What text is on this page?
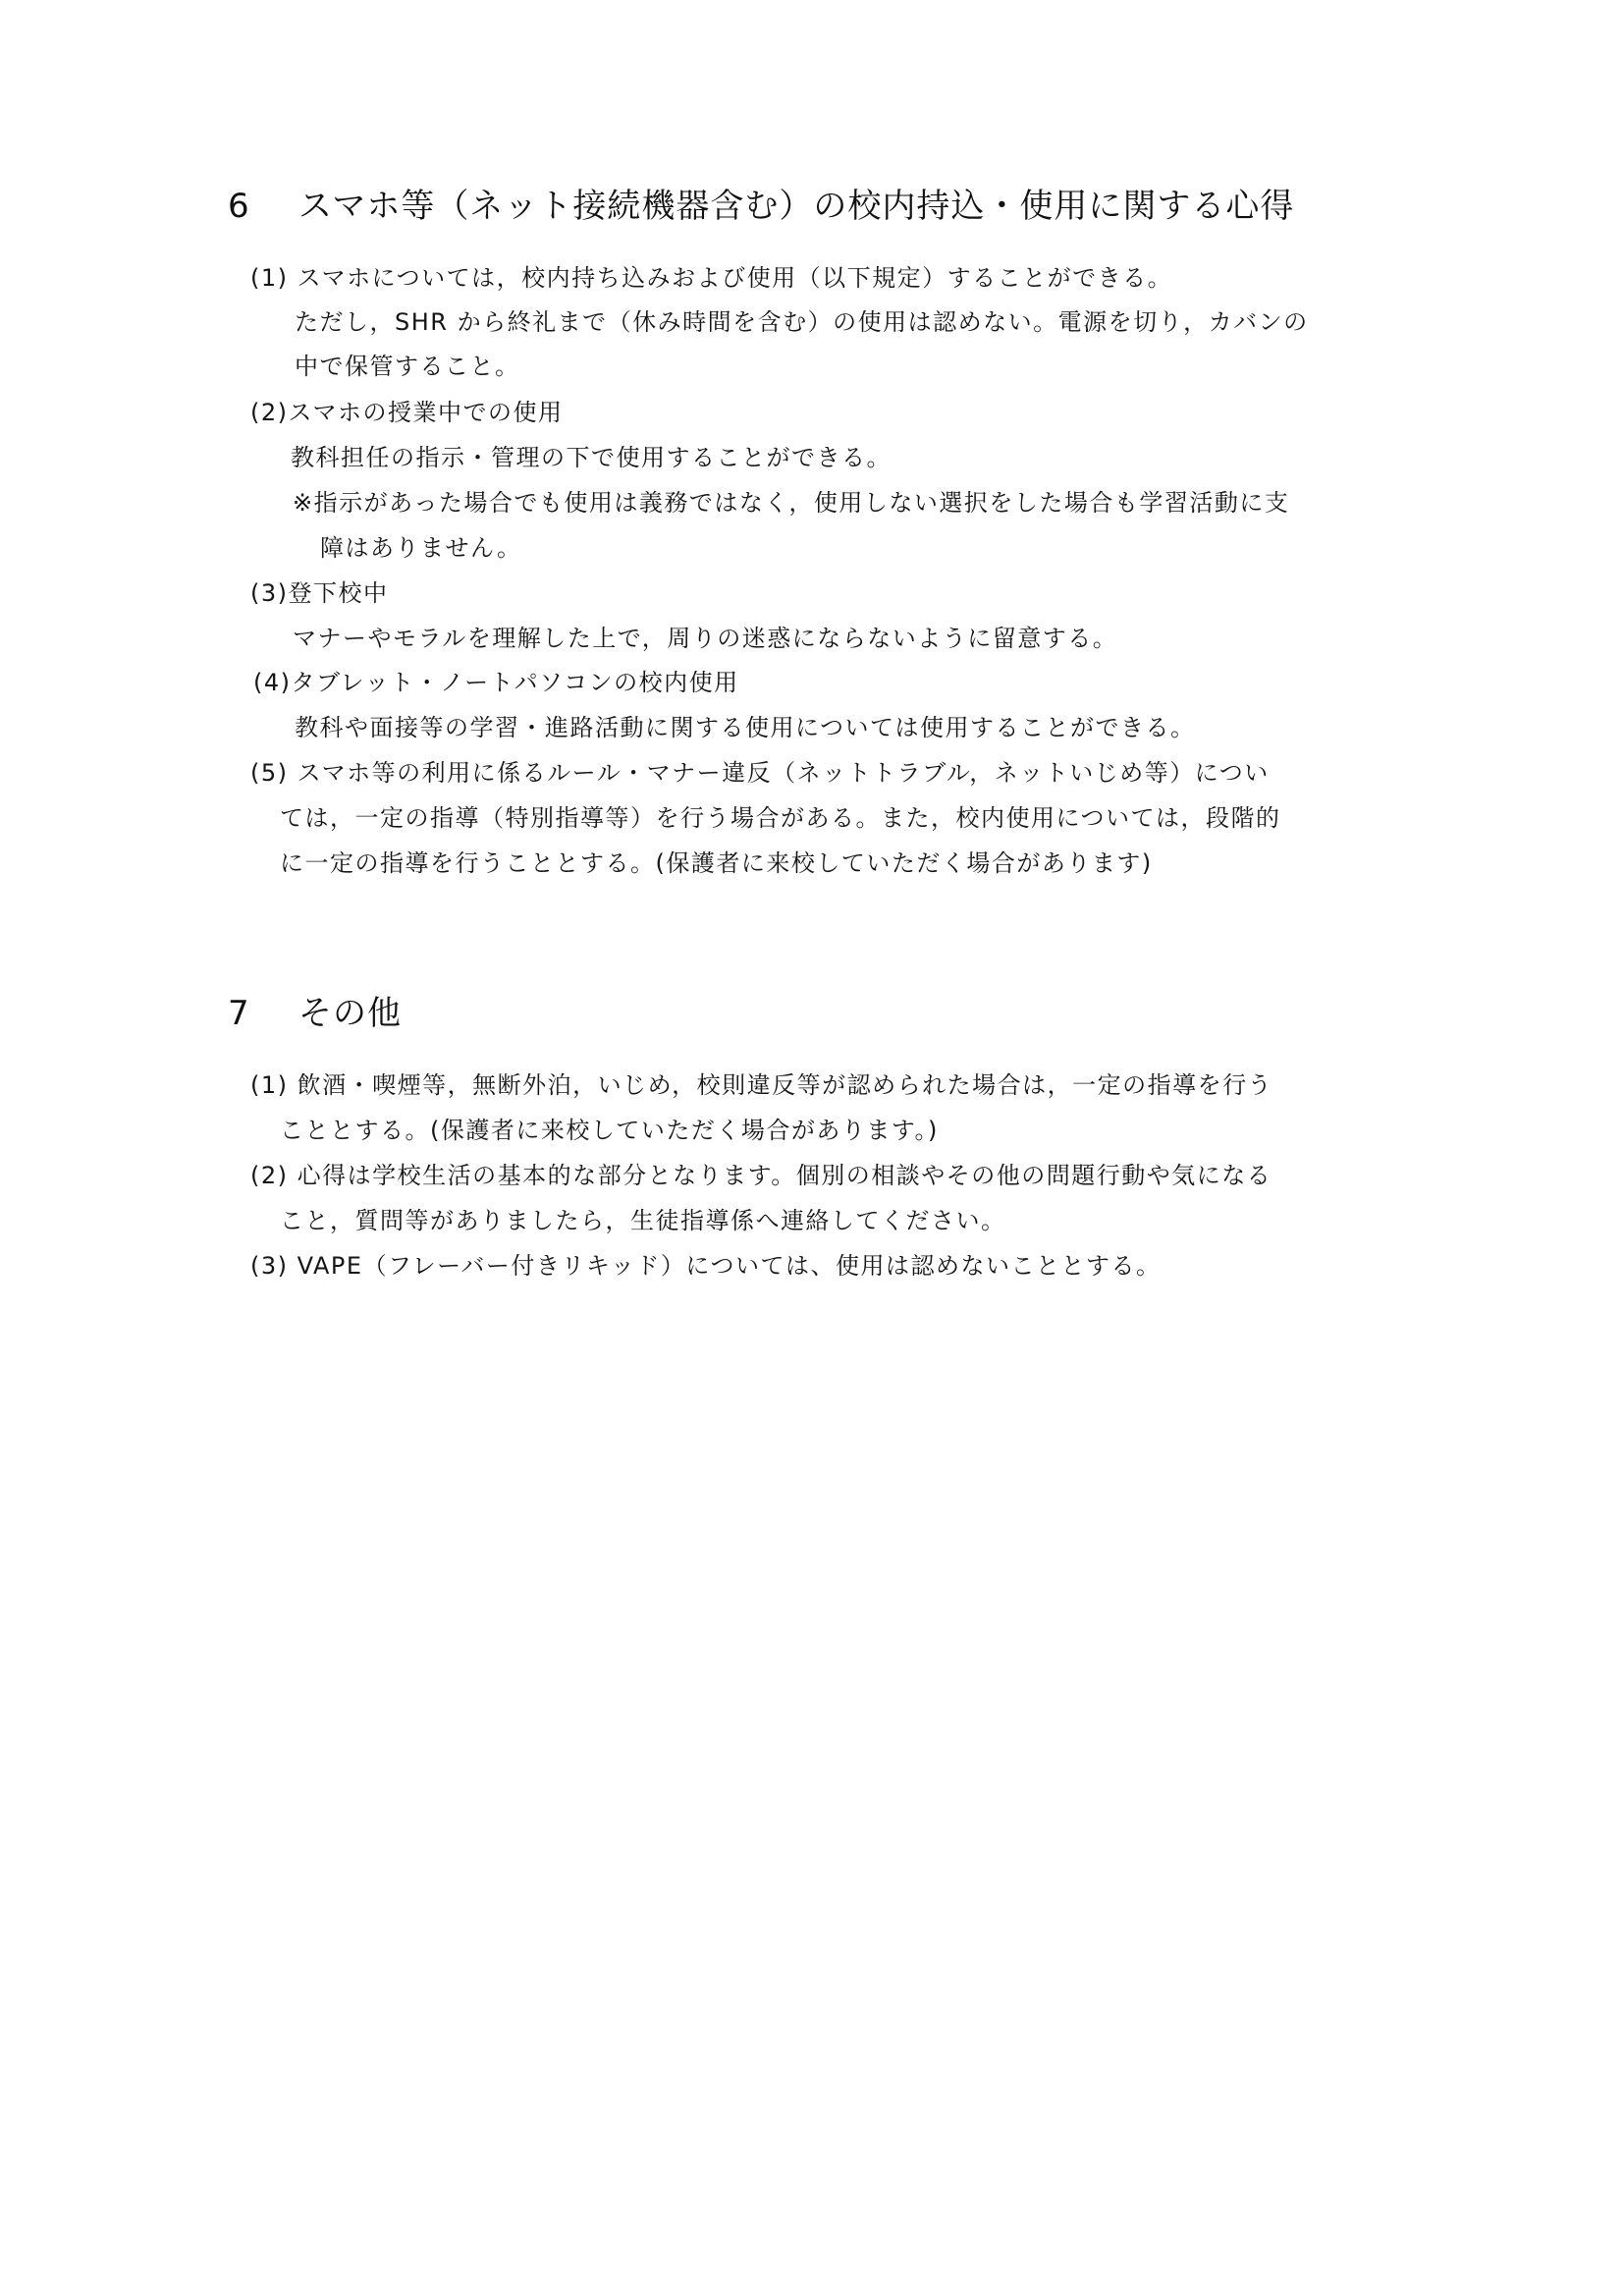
6 スマホ等（ネット接続機器含む）の校内持込・使用に関する心得
(1) スマホについては，校内持ち込みおよび使用（以下規定）することができる。
ただし，SHR から終礼まで（休み時間を含む）の使用は認めない。電源を切り，カバンの
中で保管すること。
(2)スマホの授業中での使用
教科担任の指示・管理の下で使用することができる。
※指示があった場合でも使用は義務ではなく，使用しない選択をした場合も学習活動に支
障はありません。
(3)登下校中
マナーやモラルを理解した上で，周りの迷惑にならないように留意する。
(4)タブレット・ノートパソコンの校内使用
教科や面接等の学習・進路活動に関する使用については使用することができる。
(5) スマホ等の利用に係るルール・マナー違反（ネットトラブル，ネットいじめ等）につい
ては，一定の指導（特別指導等）を行う場合がある。また，校内使用については，段階的
に一定の指導を行うこととする。(保護者に来校していただく場合があります)
7 その他
(1) 飲酒・喫煙等，無断外泊，いじめ，校則違反等が認められた場合は，一定の指導を行う
こととする。(保護者に来校していただく場合があります。)
(2) 心得は学校生活の基本的な部分となります。個別の相談やその他の問題行動や気になる
こと，質問等がありましたら，生徒指導係へ連絡してください。
(3) VAPE（フレーバー付きリキッド）については、使用は認めないこととする。
